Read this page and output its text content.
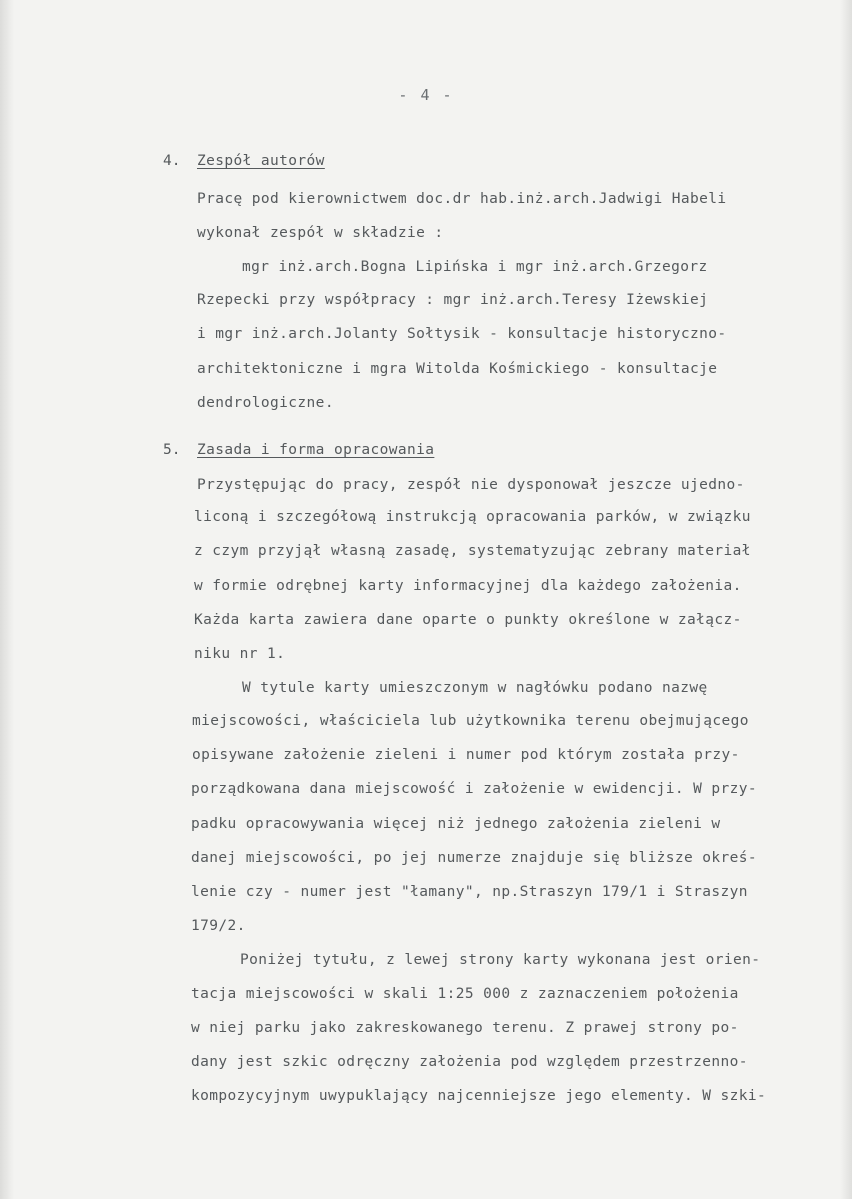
- 4 -
4. Zespół autorów
Pracę pod kierownictwem doc.dr hab.inż.arch.Jadwigi Habeli
wykonał zespół w składzie :
mgr inż.arch.Bogna Lipińska i mgr inż.arch.Grzegorz
Rzepecki przy współpracy : mgr inż.arch.Teresy Iżewskiej
i mgr inż.arch.Jolanty Sołtysik - konsultacje historyczno-
architektoniczne i mgra Witolda Kośmickiego - konsultacje
dendrologiczne.
5. Zasada i forma opracowania
Przystępując do pracy, zespół nie dysponował jeszcze ujedno-
liconą i szczegółową instrukcją opracowania parków, w związku
z czym przyjął własną zasadę, systematyzując zebrany materiał
w formie odrębnej karty informacyjnej dla każdego założenia.
Każda karta zawiera dane oparte o punkty określone w załącz-
niku nr 1.
W tytule karty umieszczonym w nagłówku podano nazwę
miejscowości, właściciela lub użytkownika terenu obejmującego
opisywane założenie zieleni i numer pod którym została przy-
porządkowana dana miejscowość i założenie w ewidencji. W przy-
padku opracowywania więcej niż jednego założenia zieleni w
danej miejscowości, po jej numerze znajduje się bliższe okreś-
lenie czy - numer jest "łamany", np.Straszyn 179/1 i Straszyn
179/2.
Poniżej tytułu, z lewej strony karty wykonana jest orien-
tacja miejscowości w skali 1:25 000 z zaznaczeniem położenia
w niej parku jako zakreskowanego terenu. Z prawej strony po-
dany jest szkic odręczny założenia pod względem przestrzenno-
kompozycyjnym uwypuklający najcenniejsze jego elementy. W szki-
